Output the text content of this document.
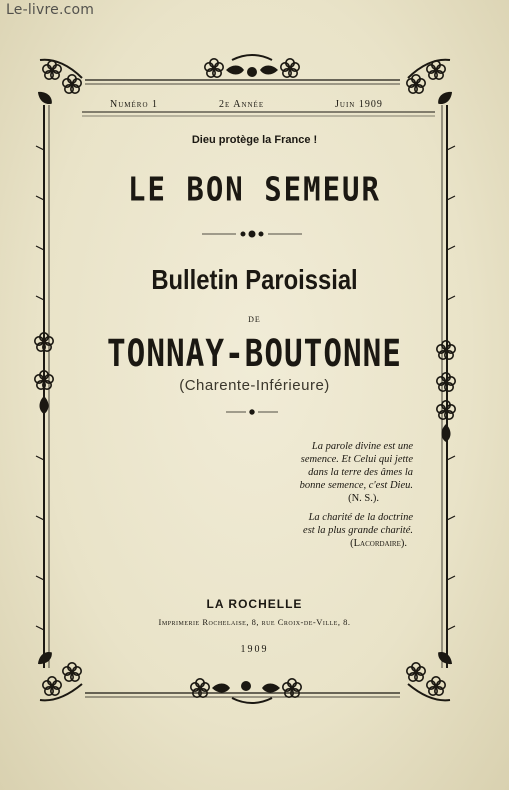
Le-livre.com
Numéro 1	2e Année	Juin 1909
Dieu protège la France !
LE BON SEMEUR
Bulletin Paroissial
DE
TONNAY-BOUTONNE
(Charente-Inférieure)
La parole divine est une
semence. Et Celui qui jette
dans la terre des âmes la
bonne semence, c'est Dieu.
(N. S.).
La charité de la doctrine
est la plus grande charité.
(Lacordaire).
LA ROCHELLE
Imprimerie Rochelaise, 8, rue Croix-de-Ville, 8.
1909
